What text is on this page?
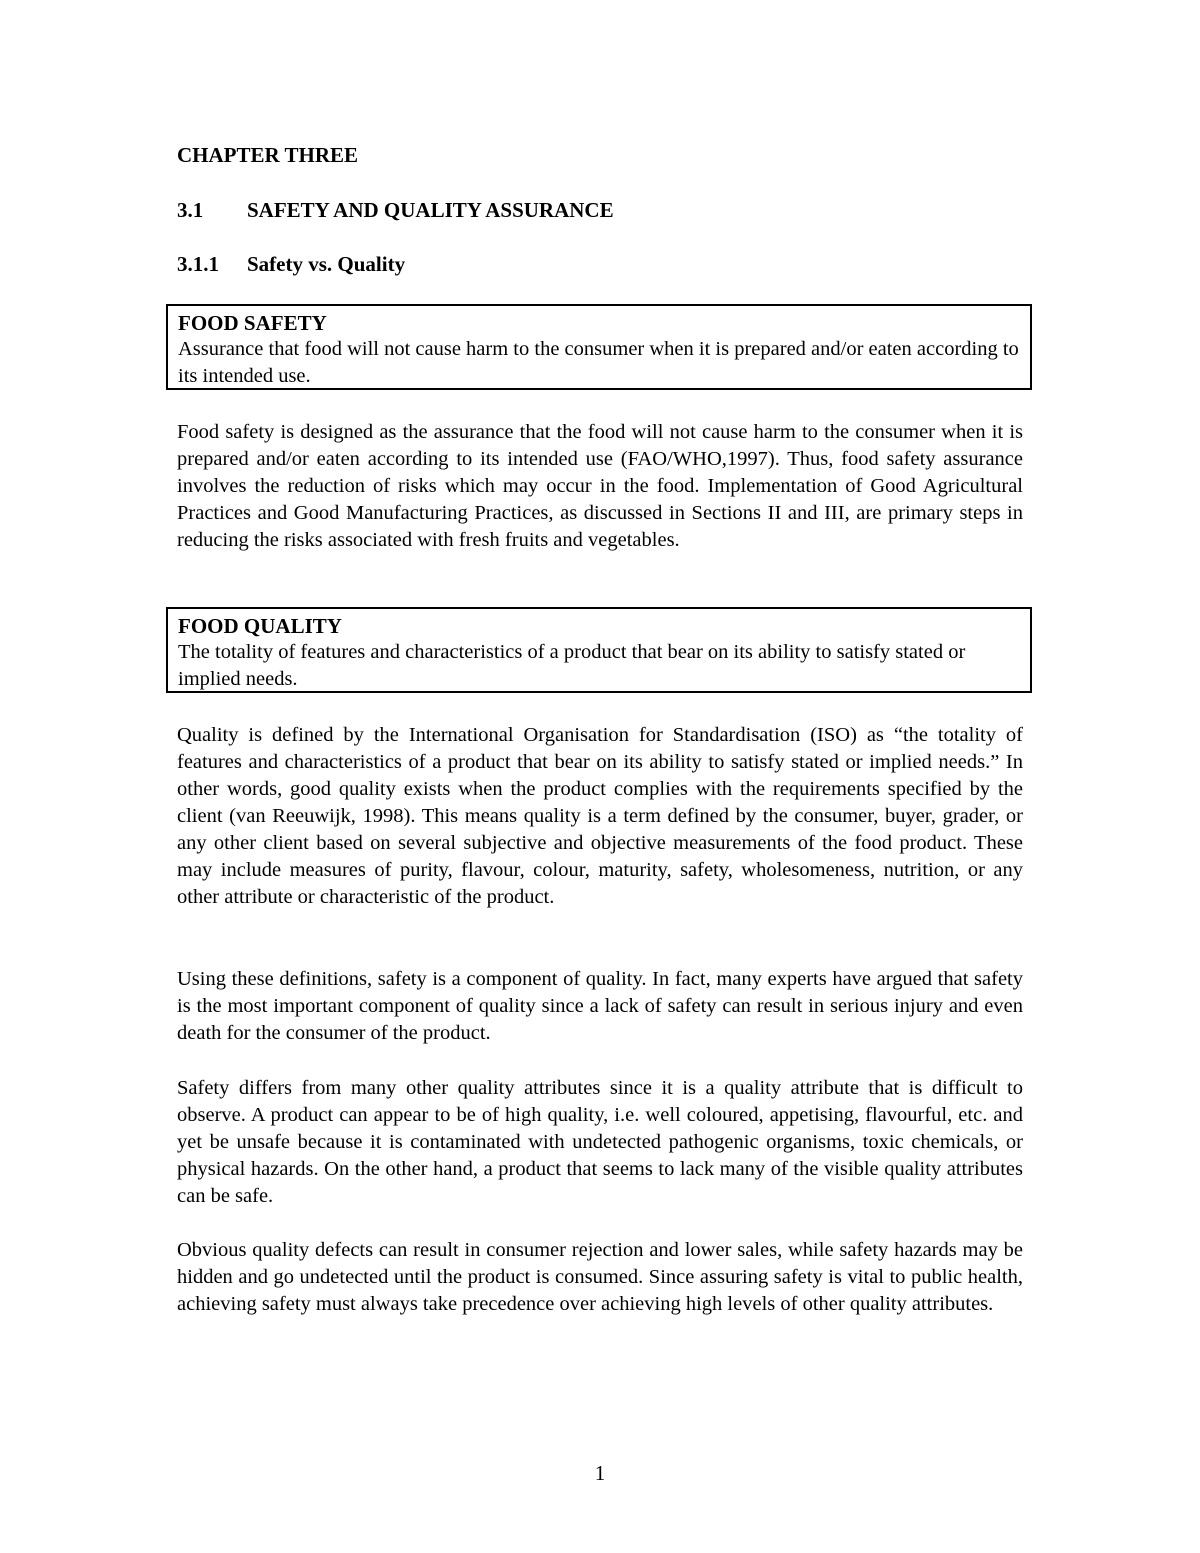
CHAPTER THREE
3.1 SAFETY AND QUALITY ASSURANCE
3.1.1 Safety vs. Quality
FOOD SAFETY
Assurance that food will not cause harm to the consumer when it is prepared and/or eaten according to its intended use.

Food safety is designed as the assurance that the food will not cause harm to the consumer when it is prepared and/or eaten according to its intended use (FAO/WHO,1997). Thus, food safety assurance involves the reduction of risks which may occur in the food. Implementation of Good Agricultural Practices and Good Manufacturing Practices, as discussed in Sections II and III, are primary steps in reducing the risks associated with fresh fruits and vegetables.

FOOD QUALITY
The totality of features and characteristics of a product that bear on its ability to satisfy stated or implied needs.

Quality is defined by the International Organisation for Standardisation (ISO) as “the totality of features and characteristics of a product that bear on its ability to satisfy stated or implied needs.” In other words, good quality exists when the product complies with the requirements specified by the client (van Reeuwijk, 1998). This means quality is a term defined by the consumer, buyer, grader, or any other client based on several subjective and objective measurements of the food product. These may include measures of purity, flavour, colour, maturity, safety, wholesomeness, nutrition, or any other attribute or characteristic of the product.

Using these definitions, safety is a component of quality. In fact, many experts have argued that safety is the most important component of quality since a lack of safety can result in serious injury and even death for the consumer of the product.

Safety differs from many other quality attributes since it is a quality attribute that is difficult to observe. A product can appear to be of high quality, i.e. well coloured, appetising, flavourful, etc. and yet be unsafe because it is contaminated with undetected pathogenic organisms, toxic chemicals, or physical hazards. On the other hand, a product that seems to lack many of the visible quality attributes can be safe.

Obvious quality defects can result in consumer rejection and lower sales, while safety hazards may be hidden and go undetected until the product is consumed. Since assuring safety is vital to public health, achieving safety must always take precedence over achieving high levels of other quality attributes.

1
